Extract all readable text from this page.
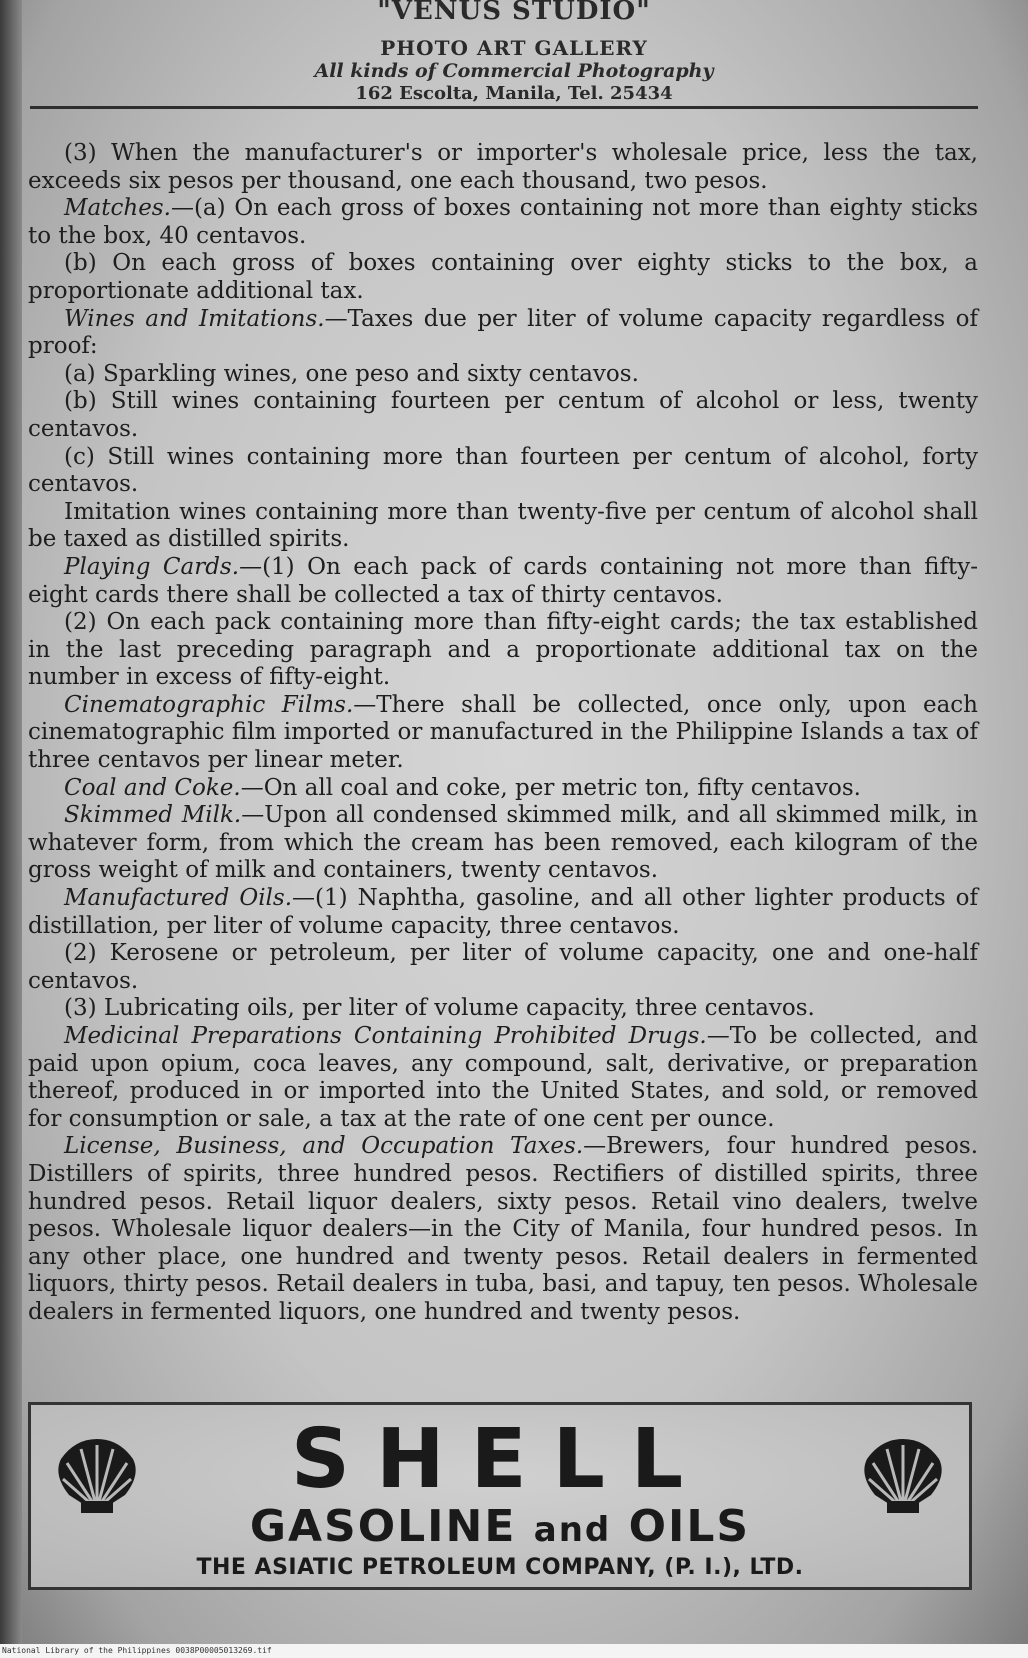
"VENUS STUDIO"
PHOTO ART GALLERY
All kinds of Commercial Photography
162 Escolta, Manila, Tel. 25434

(3) When the manufacturer's or importer's wholesale price, less the tax, exceeds six pesos per thousand, one each thousand, two pesos.

Matches.—(a) On each gross of boxes containing not more than eighty sticks to the box, 40 centavos.

(b) On each gross of boxes containing over eighty sticks to the box, a proportionate additional tax.

Wines and Imitations.—Taxes due per liter of volume capacity regardless of proof:

(a) Sparkling wines, one peso and sixty centavos.

(b) Still wines containing fourteen per centum of alcohol or less, twenty centavos.

(c) Still wines containing more than fourteen per centum of alcohol, forty centavos.

Imitation wines containing more than twenty-five per centum of alcohol shall be taxed as distilled spirits.

Playing Cards.—(1) On each pack of cards containing not more than fifty-eight cards there shall be collected a tax of thirty centavos.

(2) On each pack containing more than fifty-eight cards; the tax established in the last preceding paragraph and a proportionate additional tax on the number in excess of fifty-eight.

Cinematographic Films.—There shall be collected, once only, upon each cinematographic film imported or manufactured in the Philippine Islands a tax of three centavos per linear meter.

Coal and Coke.—On all coal and coke, per metric ton, fifty centavos.

Skimmed Milk.—Upon all condensed skimmed milk, and all skimmed milk, in whatever form, from which the cream has been removed, each kilogram of the gross weight of milk and containers, twenty centavos.

Manufactured Oils.—(1) Naphtha, gasoline, and all other lighter products of distillation, per liter of volume capacity, three centavos.

(2) Kerosene or petroleum, per liter of volume capacity, one and one-half centavos.

(3) Lubricating oils, per liter of volume capacity, three centavos.

Medicinal Preparations Containing Prohibited Drugs.—To be collected, and paid upon opium, coca leaves, any compound, salt, derivative, or preparation thereof, produced in or imported into the United States, and sold, or removed for consumption or sale, a tax at the rate of one cent per ounce.

License, Business, and Occupation Taxes.—Brewers, four hundred pesos. Distillers of spirits, three hundred pesos. Rectifiers of distilled spirits, three hundred pesos. Retail liquor dealers, sixty pesos. Retail vino dealers, twelve pesos. Wholesale liquor dealers—in the City of Manila, four hundred pesos. In any other place, one hundred and twenty pesos. Retail dealers in fermented liquors, thirty pesos. Retail dealers in tuba, basi, and tapuy, ten pesos. Wholesale dealers in fermented liquors, one hundred and twenty pesos.

SHELL
GASOLINE and OILS
THE ASIATIC PETROLEUM COMPANY, (P. I.), LTD.
National Library of the Philippines 0038P00005013269.tif
